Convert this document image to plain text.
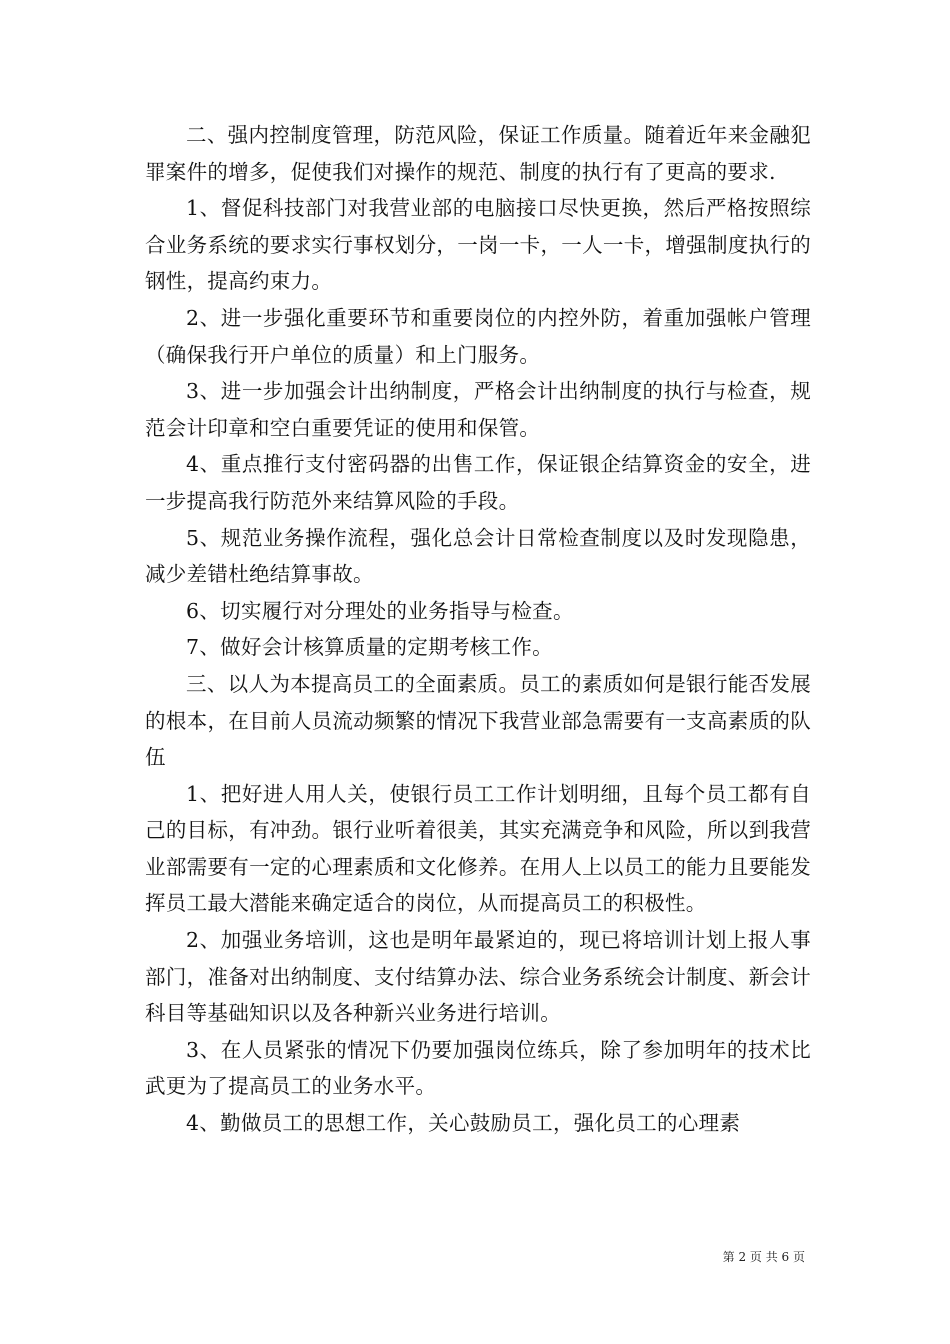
二、强内控制度管理，防范风险，保证工作质量。随着近年来金融犯罪案件的增多，促使我们对操作的规范、制度的执行有了更高的要求.

1、督促科技部门对我营业部的电脑接口尽快更换，然后严格按照综合业务系统的要求实行事权划分，一岗一卡，一人一卡，增强制度执行的钢性，提高约束力。

2、进一步强化重要环节和重要岗位的内控外防，着重加强帐户管理（确保我行开户单位的质量）和上门服务。

3、进一步加强会计出纳制度，严格会计出纳制度的执行与检查，规范会计印章和空白重要凭证的使用和保管。

4、重点推行支付密码器的出售工作，保证银企结算资金的安全，进一步提高我行防范外来结算风险的手段。

5、规范业务操作流程，强化总会计日常检查制度以及时发现隐患，减少差错杜绝结算事故。

6、切实履行对分理处的业务指导与检查。

7、做好会计核算质量的定期考核工作。

三、以人为本提高员工的全面素质。员工的素质如何是银行能否发展的根本，在目前人员流动频繁的情况下我营业部急需要有一支高素质的队伍

1、把好进人用人关，使银行员工工作计划明细，且每个员工都有自己的目标，有冲劲。银行业听着很美，其实充满竞争和风险，所以到我营业部需要有一定的心理素质和文化修养。在用人上以员工的能力且要能发挥员工最大潜能来确定适合的岗位，从而提高员工的积极性。

2、加强业务培训，这也是明年最紧迫的，现已将培训计划上报人事部门，准备对出纳制度、支付结算办法、综合业务系统会计制度、新会计科目等基础知识以及各种新兴业务进行培训。

3、在人员紧张的情况下仍要加强岗位练兵，除了参加明年的技术比武更为了提高员工的业务水平。

4、勤做员工的思想工作，关心鼓励员工，强化员工的心理素

第 2 页 共 6 页
